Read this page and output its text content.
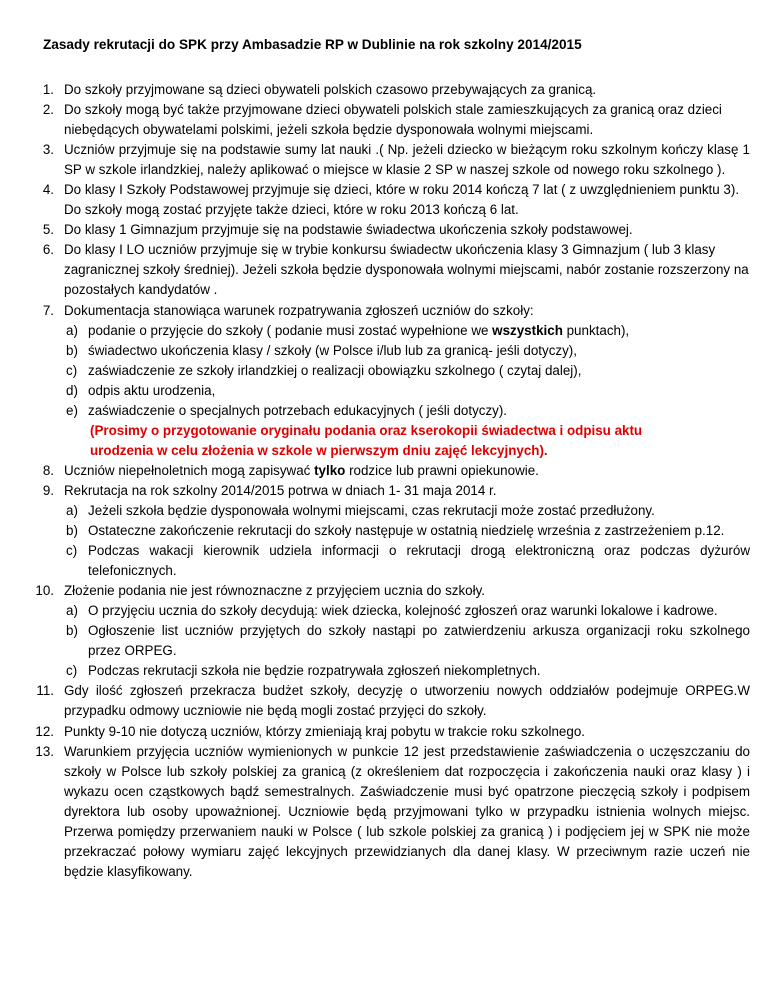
Zasady rekrutacji do SPK przy Ambasadzie RP w Dublinie na rok szkolny 2014/2015
1. Do szkoły przyjmowane są dzieci obywateli polskich czasowo przebywających za granicą.
2. Do szkoły mogą być także przyjmowane dzieci obywateli polskich stale zamieszkujących za granicą oraz dzieci niebędących obywatelami polskimi, jeżeli szkoła będzie dysponowała wolnymi miejscami.
3. Uczniów przyjmuje się na podstawie sumy lat nauki .( Np. jeżeli dziecko w bieżącym roku szkolnym kończy klasę 1 SP w szkole irlandzkiej, należy aplikować o miejsce w klasie 2 SP w naszej szkole od nowego roku szkolnego ).
4. Do klasy I Szkoły Podstawowej przyjmuje się dzieci, które w roku 2014 kończą 7 lat ( z uwzględnieniem punktu 3). Do szkoły mogą zostać przyjęte także dzieci, które w roku 2013 kończą 6 lat.
5. Do klasy 1 Gimnazjum przyjmuje się na podstawie świadectwa ukończenia szkoły podstawowej.
6. Do klasy I LO uczniów przyjmuje się w trybie konkursu świadectw ukończenia klasy 3 Gimnazjum ( lub 3 klasy zagranicznej szkoły średniej). Jeżeli szkoła będzie dysponowała wolnymi miejscami, nabór zostanie rozszerzony na pozostałych kandydatów .
7. Dokumentacja stanowiąca warunek rozpatrywania zgłoszeń uczniów do szkoły:
a) podanie o przyjęcie do szkoły ( podanie musi zostać wypełnione we wszystkich punktach),
b) świadectwo ukończenia klasy / szkoły (w Polsce i/lub lub za granicą- jeśli dotyczy),
c) zaświadczenie ze szkoły irlandzkiej o realizacji obowiązku szkolnego ( czytaj dalej),
d) odpis aktu urodzenia,
e) zaświadczenie o specjalnych potrzebach edukacyjnych ( jeśli dotyczy).
(Prosimy o przygotowanie oryginału podania oraz kserokopii świadectwa i odpisu aktu
urodzenia w celu złożenia w szkole w pierwszym dniu zajęć lekcyjnych).
8. Uczniów niepełnoletnich mogą zapisywać tylko rodzice lub prawni opiekunowie.
9. Rekrutacja na rok szkolny 2014/2015 potrwa w dniach 1- 31 maja 2014 r.
a) Jeżeli szkoła będzie dysponowała wolnymi miejscami, czas rekrutacji może zostać przedłużony.
b) Ostateczne zakończenie rekrutacji do szkoły następuje w ostatnią niedzielę września z zastrzeżeniem p.12.
c) Podczas wakacji kierownik udziela informacji o rekrutacji drogą elektroniczną oraz podczas dyżurów telefonicznych.
10. Złożenie podania nie jest równoznaczne z przyjęciem ucznia do szkoły.
a) O przyjęciu ucznia do szkoły decydują: wiek dziecka, kolejność zgłoszeń oraz warunki lokalowe i kadrowe.
b) Ogłoszenie list uczniów przyjętych do szkoły nastąpi po zatwierdzeniu arkusza organizacji roku szkolnego przez ORPEG.
c) Podczas rekrutacji szkoła nie będzie rozpatrywała zgłoszeń niekompletnych.
11. Gdy ilość zgłoszeń przekracza budżet szkoły, decyzję o utworzeniu nowych oddziałów podejmuje ORPEG.W przypadku odmowy uczniowie nie będą mogli zostać przyjęci do szkoły.
12. Punkty 9-10 nie dotyczą uczniów, którzy zmieniają kraj pobytu w trakcie roku szkolnego.
13. Warunkiem przyjęcia uczniów wymienionych w punkcie 12 jest przedstawienie zaświadczenia o uczęszczaniu do szkoły w Polsce lub szkoły polskiej za granicą (z określeniem dat rozpoczęcia i zakończenia nauki oraz klasy ) i wykazu ocen cząstkowych bądź semestralnych. Zaświadczenie musi być opatrzone pieczęcią szkoły i podpisem dyrektora lub osoby upoważnionej. Uczniowie będą przyjmowani tylko w przypadku istnienia wolnych miejsc. Przerwa pomiędzy przerwaniem nauki w Polsce ( lub szkole polskiej za granicą ) i podjęciem jej w SPK nie może przekraczać połowy wymiaru zajęć lekcyjnych przewidzianych dla danej klasy. W przeciwnym razie uczeń nie będzie klasyfikowany.
